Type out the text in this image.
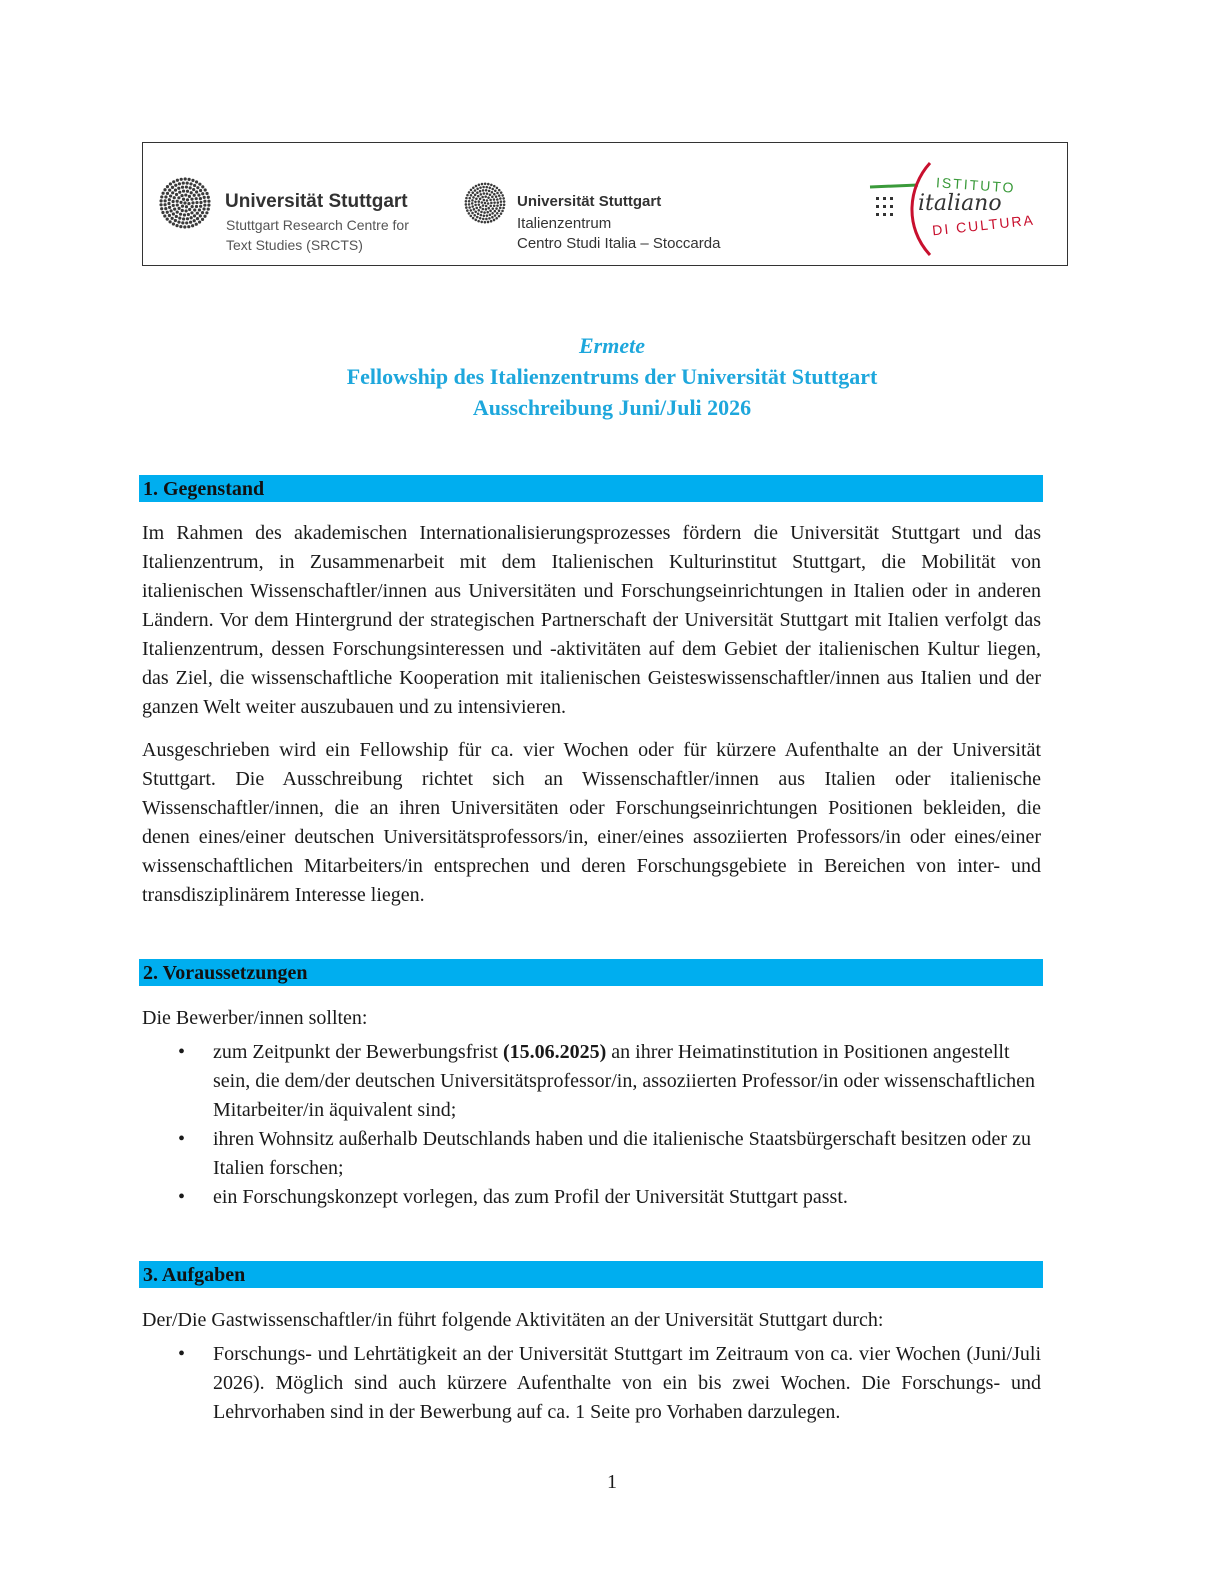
Universität Stuttgart
Stuttgart Research Centre for
Text Studies (SRCTS)
Universität Stuttgart
Italienzentrum
Centro Studi Italia – Stoccarda
ISTITUTO
italiano
DI CULTURA
Ermete
Fellowship des Italienzentrums der Universität Stuttgart
Ausschreibung Juni/Juli 2026
1. Gegenstand

Im Rahmen des akademischen Internationalisierungsprozesses fördern die Universität Stuttgart und das Italienzentrum, in Zusammenarbeit mit dem Italienischen Kulturinstitut Stuttgart, die Mobilität von italienischen Wissenschaftler/innen aus Universitäten und Forschungseinrichtungen in Italien oder in anderen Ländern. Vor dem Hintergrund der strategischen Partnerschaft der Universität Stuttgart mit Italien verfolgt das Italienzentrum, dessen Forschungsinteressen und -aktivitäten auf dem Gebiet der italienischen Kultur liegen, das Ziel, die wissenschaftliche Kooperation mit italienischen Geisteswissenschaftler/innen aus Italien und der ganzen Welt weiter auszubauen und zu intensivieren.

Ausgeschrieben wird ein Fellowship für ca. vier Wochen oder für kürzere Aufenthalte an der Universität Stuttgart. Die Ausschreibung richtet sich an Wissenschaftler/innen aus Italien oder italienische Wissenschaftler/innen, die an ihren Universitäten oder Forschungseinrichtungen Positionen bekleiden, die denen eines/einer deutschen Universitätsprofessors/in, einer/eines assoziierten Professors/in oder eines/einer wissenschaftlichen Mitarbeiters/in entsprechen und deren Forschungsgebiete in Bereichen von inter- und transdisziplinärem Interesse liegen.

2. Voraussetzungen

Die Bewerber/innen sollten:

• zum Zeitpunkt der Bewerbungsfrist (15.06.2025) an ihrer Heimatinstitution in Positionen angestellt sein, die dem/der deutschen Universitätsprofessor/in, assoziierten Professor/in oder wissenschaftlichen Mitarbeiter/in äquivalent sind;
• ihren Wohnsitz außerhalb Deutschlands haben und die italienische Staatsbürgerschaft besitzen oder zu Italien forschen;
• ein Forschungskonzept vorlegen, das zum Profil der Universität Stuttgart passt.
3. Aufgaben

Der/Die Gastwissenschaftler/in führt folgende Aktivitäten an der Universität Stuttgart durch:

• Forschungs- und Lehrtätigkeit an der Universität Stuttgart im Zeitraum von ca. vier Wochen (Juni/Juli 2026). Möglich sind auch kürzere Aufenthalte von ein bis zwei Wochen. Die Forschungs- und Lehrvorhaben sind in der Bewerbung auf ca. 1 Seite pro Vorhaben darzulegen.
1
